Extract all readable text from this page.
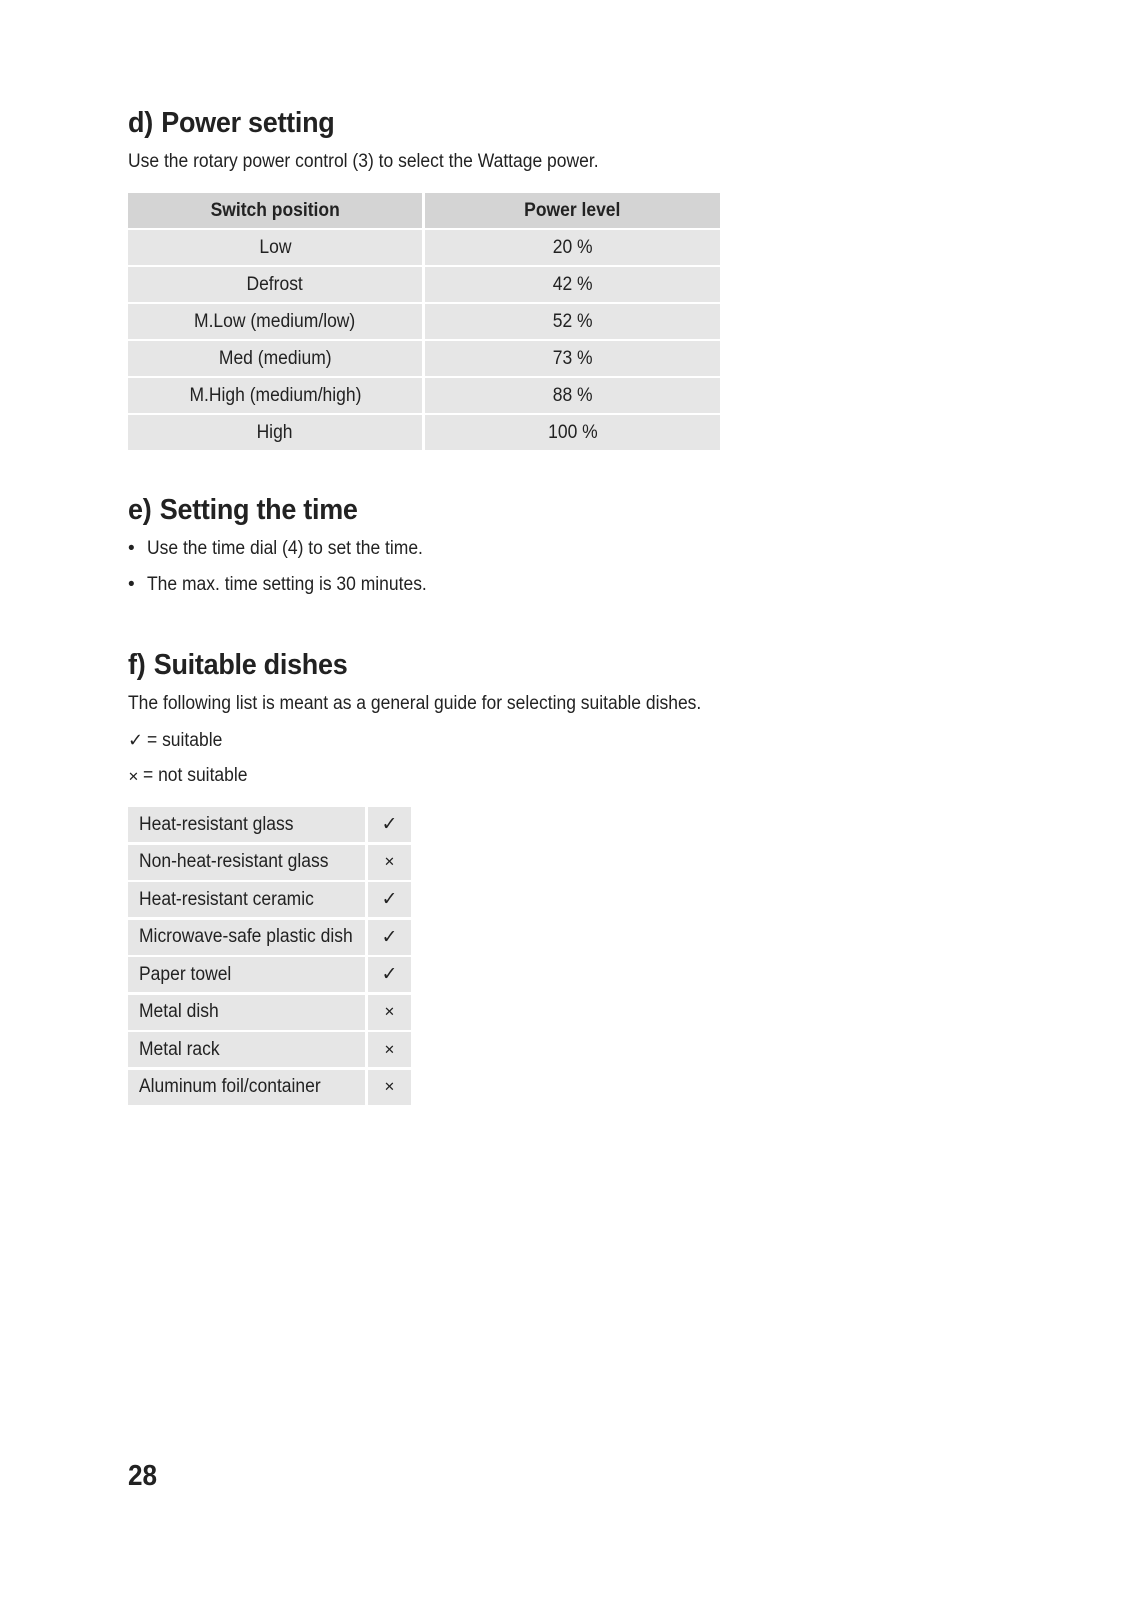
d) Power setting

Use the rotary power control (3) to select the Wattage power.

Switch position	Power level
Low	20 %
Defrost	42 %
M.Low (medium/low)	52 %
Med (medium)	73 %
M.High (medium/high)	88 %
High	100 %
e) Setting the time
• Use the time dial (4) to set the time.
• The max. time setting is 30 minutes.
f) Suitable dishes

The following list is meant as a general guide for selecting suitable dishes.

✓ = suitable
✕ = not suitable
Heat-resistant glass	✓
Non-heat-resistant glass	✕
Heat-resistant ceramic	✓
Microwave-safe plastic dish ✓
Paper towel	✓
Metal dish	✕
Metal rack	✕
Aluminum foil/container	✕
28
